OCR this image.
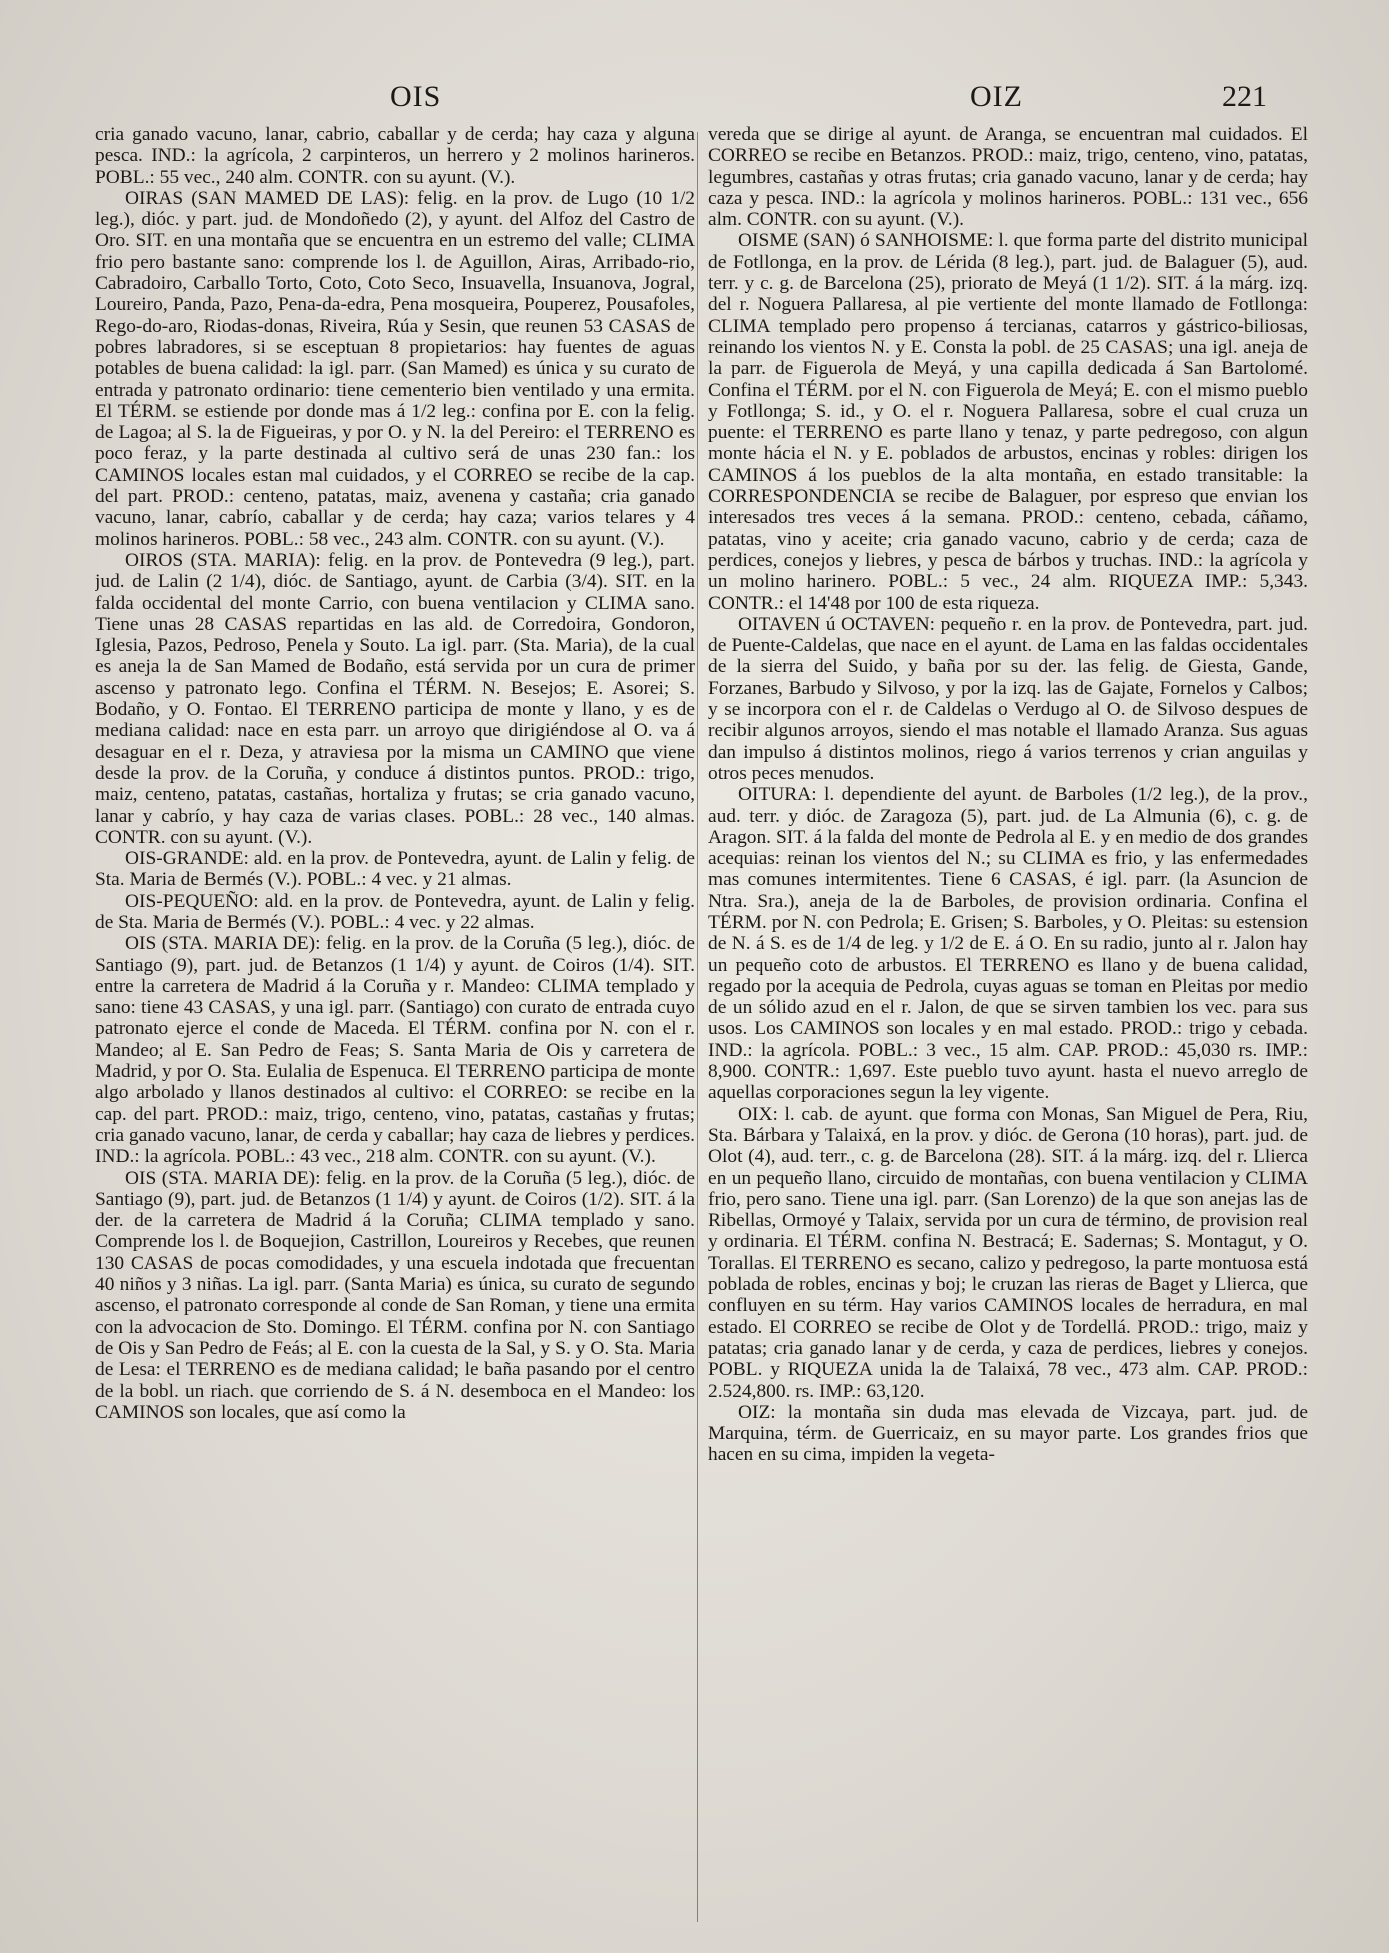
OIS	OIZ	221

cria ganado vacuno, lanar, cabrio, caballar y de cerda; hay caza y alguna pesca. IND.: la agrícola, 2 carpinteros, un herrero y 2 molinos harineros. POBL.: 55 vec., 240 alm. CONTR. con su ayunt. (V.).

OIRAS (SAN MAMED DE LAS): felig. en la prov. de Lugo (10 1/2 leg.), dióc. y part. jud. de Mondoñedo (2), y ayunt. del Alfoz del Castro de Oro. SIT. en una montaña que se encuentra en un estremo del valle; CLIMA frio pero bastante sano: comprende los l. de Aguillon, Airas, Arribado-rio, Cabradoiro, Carballo Torto, Coto, Coto Seco, Insuavella, Insuanova, Jogral, Loureiro, Panda, Pazo, Pena-da-edra, Pena mosqueira, Pouperez, Pousafoles, Rego-do-aro, Riodas-donas, Riveira, Rúa y Sesin, que reunen 53 CASAS de pobres labradores, si se esceptuan 8 propietarios: hay fuentes de aguas potables de buena calidad: la igl. parr. (San Mamed) es única y su curato de entrada y patronato ordinario: tiene cementerio bien ventilado y una ermita. El TÉRM. se estiende por donde mas á 1/2 leg.: confina por E. con la felig. de Lagoa; al S. la de Figueiras, y por O. y N. la del Pereiro: el TERRENO es poco feraz, y la parte destinada al cultivo será de unas 230 fan.: los CAMINOS locales estan mal cuidados, y el CORREO se recibe de la cap. del part. PROD.: centeno, patatas, maiz, avenena y castaña; cria ganado vacuno, lanar, cabrío, caballar y de cerda; hay caza; varios telares y 4 molinos harineros. POBL.: 58 vec., 243 alm. CONTR. con su ayunt. (V.).

OIROS (STA. MARIA): felig. en la prov. de Pontevedra (9 leg.), part. jud. de Lalin (2 1/4), dióc. de Santiago, ayunt. de Carbia (3/4). SIT. en la falda occidental del monte Carrio, con buena ventilacion y CLIMA sano. Tiene unas 28 CASAS repartidas en las ald. de Corredoira, Gondoron, Iglesia, Pazos, Pedroso, Penela y Souto. La igl. parr. (Sta. Maria), de la cual es aneja la de San Mamed de Bodaño, está servida por un cura de primer ascenso y patronato lego. Confina el TÉRM. N. Besejos; E. Asorei; S. Bodaño, y O. Fontao. El TERRENO participa de monte y llano, y es de mediana calidad: nace en esta parr. un arroyo que dirigiéndose al O. va á desaguar en el r. Deza, y atraviesa por la misma un CAMINO que viene desde la prov. de la Coruña, y conduce á distintos puntos. PROD.: trigo, maiz, centeno, patatas, castañas, hortaliza y frutas; se cria ganado vacuno, lanar y cabrío, y hay caza de varias clases. POBL.: 28 vec., 140 almas. CONTR. con su ayunt. (V.).

OIS-GRANDE: ald. en la prov. de Pontevedra, ayunt. de Lalin y felig. de Sta. Maria de Bermés (V.). POBL.: 4 vec. y 21 almas.

OIS-PEQUEÑO: ald. en la prov. de Pontevedra, ayunt. de Lalin y felig. de Sta. Maria de Bermés (V.). POBL.: 4 vec. y 22 almas.

OIS (STA. MARIA DE): felig. en la prov. de la Coruña (5 leg.), dióc. de Santiago (9), part. jud. de Betanzos (1 1/4) y ayunt. de Coiros (1/4). SIT. entre la carretera de Madrid á la Coruña y r. Mandeo: CLIMA templado y sano: tiene 43 CASAS, y una igl. parr. (Santiago) con curato de entrada cuyo patronato ejerce el conde de Maceda. El TÉRM. confina por N. con el r. Mandeo; al E. San Pedro de Feas; S. Santa Maria de Ois y carretera de Madrid, y por O. Sta. Eulalia de Espenuca. El TERRENO participa de monte algo arbolado y llanos destinados al cultivo: el CORREO: se recibe en la cap. del part. PROD.: maiz, trigo, centeno, vino, patatas, castañas y frutas; cria ganado vacuno, lanar, de cerda y caballar; hay caza de liebres y perdices. IND.: la agrícola. POBL.: 43 vec., 218 alm. CONTR. con su ayunt. (V.).

OIS (STA. MARIA DE): felig. en la prov. de la Coruña (5 leg.), dióc. de Santiago (9), part. jud. de Betanzos (1 1/4) y ayunt. de Coiros (1/2). SIT. á la der. de la carretera de Madrid á la Coruña; CLIMA templado y sano. Comprende los l. de Boquejion, Castrillon, Loureiros y Recebes, que reunen 130 CASAS de pocas comodidades, y una escuela indotada que frecuentan 40 niños y 3 niñas. La igl. parr. (Santa Maria) es única, su curato de segundo ascenso, el patronato corresponde al conde de San Roman, y tiene una ermita con la advocacion de Sto. Domingo. El TÉRM. confina por N. con Santiago de Ois y San Pedro de Feás; al E. con la cuesta de la Sal, y S. y O. Sta. Maria de Lesa: el TERRENO es de mediana calidad; le baña pasando por el centro de la bobl. un riach. que corriendo de S. á N. desemboca en el Mandeo: los CAMINOS son locales, que así como la

vereda que se dirige al ayunt. de Aranga, se encuentran mal cuidados. El CORREO se recibe en Betanzos. PROD.: maiz, trigo, centeno, vino, patatas, legumbres, castañas y otras frutas; cria ganado vacuno, lanar y de cerda; hay caza y pesca. IND.: la agrícola y molinos harineros. POBL.: 131 vec., 656 alm. CONTR. con su ayunt. (V.).

OISME (SAN) ó SANHOISME: l. que forma parte del distrito municipal de Fotllonga, en la prov. de Lérida (8 leg.), part. jud. de Balaguer (5), aud. terr. y c. g. de Barcelona (25), priorato de Meyá (1 1/2). SIT. á la márg. izq. del r. Noguera Pallaresa, al pie vertiente del monte llamado de Fotllonga: CLIMA templado pero propenso á tercianas, catarros y gástrico-biliosas, reinando los vientos N. y E. Consta la pobl. de 25 CASAS; una igl. aneja de la parr. de Figuerola de Meyá, y una capilla dedicada á San Bartolomé. Confina el TÉRM. por el N. con Figuerola de Meyá; E. con el mismo pueblo y Fotllonga; S. id., y O. el r. Noguera Pallaresa, sobre el cual cruza un puente: el TERRENO es parte llano y tenaz, y parte pedregoso, con algun monte hácia el N. y E. poblados de arbustos, encinas y robles: dirigen los CAMINOS á los pueblos de la alta montaña, en estado transitable: la CORRESPONDENCIA se recibe de Balaguer, por espreso que envian los interesados tres veces á la semana. PROD.: centeno, cebada, cáñamo, patatas, vino y aceite; cria ganado vacuno, cabrio y de cerda; caza de perdices, conejos y liebres, y pesca de bárbos y truchas. IND.: la agrícola y un molino harinero. POBL.: 5 vec., 24 alm. RIQUEZA IMP.: 5,343. CONTR.: el 14'48 por 100 de esta riqueza.

OITAVEN ú OCTAVEN: pequeño r. en la prov. de Pontevedra, part. jud. de Puente-Caldelas, que nace en el ayunt. de Lama en las faldas occidentales de la sierra del Suido, y baña por su der. las felig. de Giesta, Gande, Forzanes, Barbudo y Silvoso, y por la izq. las de Gajate, Fornelos y Calbos; y se incorpora con el r. de Caldelas o Verdugo al O. de Silvoso despues de recibir algunos arroyos, siendo el mas notable el llamado Aranza. Sus aguas dan impulso á distintos molinos, riego á varios terrenos y crian anguilas y otros peces menudos.

OITURA: l. dependiente del ayunt. de Barboles (1/2 leg.), de la prov., aud. terr. y dióc. de Zaragoza (5), part. jud. de La Almunia (6), c. g. de Aragon. SIT. á la falda del monte de Pedrola al E. y en medio de dos grandes acequias: reinan los vientos del N.; su CLIMA es frio, y las enfermedades mas comunes intermitentes. Tiene 6 CASAS, é igl. parr. (la Asuncion de Ntra. Sra.), aneja de la de Barboles, de provision ordinaria. Confina el TÉRM. por N. con Pedrola; E. Grisen; S. Barboles, y O. Pleitas: su estension de N. á S. es de 1/4 de leg. y 1/2 de E. á O. En su radio, junto al r. Jalon hay un pequeño coto de arbustos. El TERRENO es llano y de buena calidad, regado por la acequia de Pedrola, cuyas aguas se toman en Pleitas por medio de un sólido azud en el r. Jalon, de que se sirven tambien los vec. para sus usos. Los CAMINOS son locales y en mal estado. PROD.: trigo y cebada. IND.: la agrícola. POBL.: 3 vec., 15 alm. CAP. PROD.: 45,030 rs. IMP.: 8,900. CONTR.: 1,697. Este pueblo tuvo ayunt. hasta el nuevo arreglo de aquellas corporaciones segun la ley vigente.

OIX: l. cab. de ayunt. que forma con Monas, San Miguel de Pera, Riu, Sta. Bárbara y Talaixá, en la prov. y dióc. de Gerona (10 horas), part. jud. de Olot (4), aud. terr., c. g. de Barcelona (28). SIT. á la márg. izq. del r. Llierca en un pequeño llano, circuido de montañas, con buena ventilacion y CLIMA frio, pero sano. Tiene una igl. parr. (San Lorenzo) de la que son anejas las de Ribellas, Ormoyé y Talaix, servida por un cura de término, de provision real y ordinaria. El TÉRM. confina N. Bestracá; E. Sadernas; S. Montagut, y O. Torallas. El TERRENO es secano, calizo y pedregoso, la parte montuosa está poblada de robles, encinas y boj; le cruzan las rieras de Baget y Llierca, que confluyen en su térm. Hay varios CAMINOS locales de herradura, en mal estado. El CORREO se recibe de Olot y de Tordellá. PROD.: trigo, maiz y patatas; cria ganado lanar y de cerda, y caza de perdices, liebres y conejos. POBL. y RIQUEZA unida la de Talaixá, 78 vec., 473 alm. CAP. PROD.: 2.524,800. rs. IMP.: 63,120.

OIZ: la montaña sin duda mas elevada de Vizcaya, part. jud. de Marquina, térm. de Guerricaiz, en su mayor parte. Los grandes frios que hacen en su cima, impiden la vegeta-
